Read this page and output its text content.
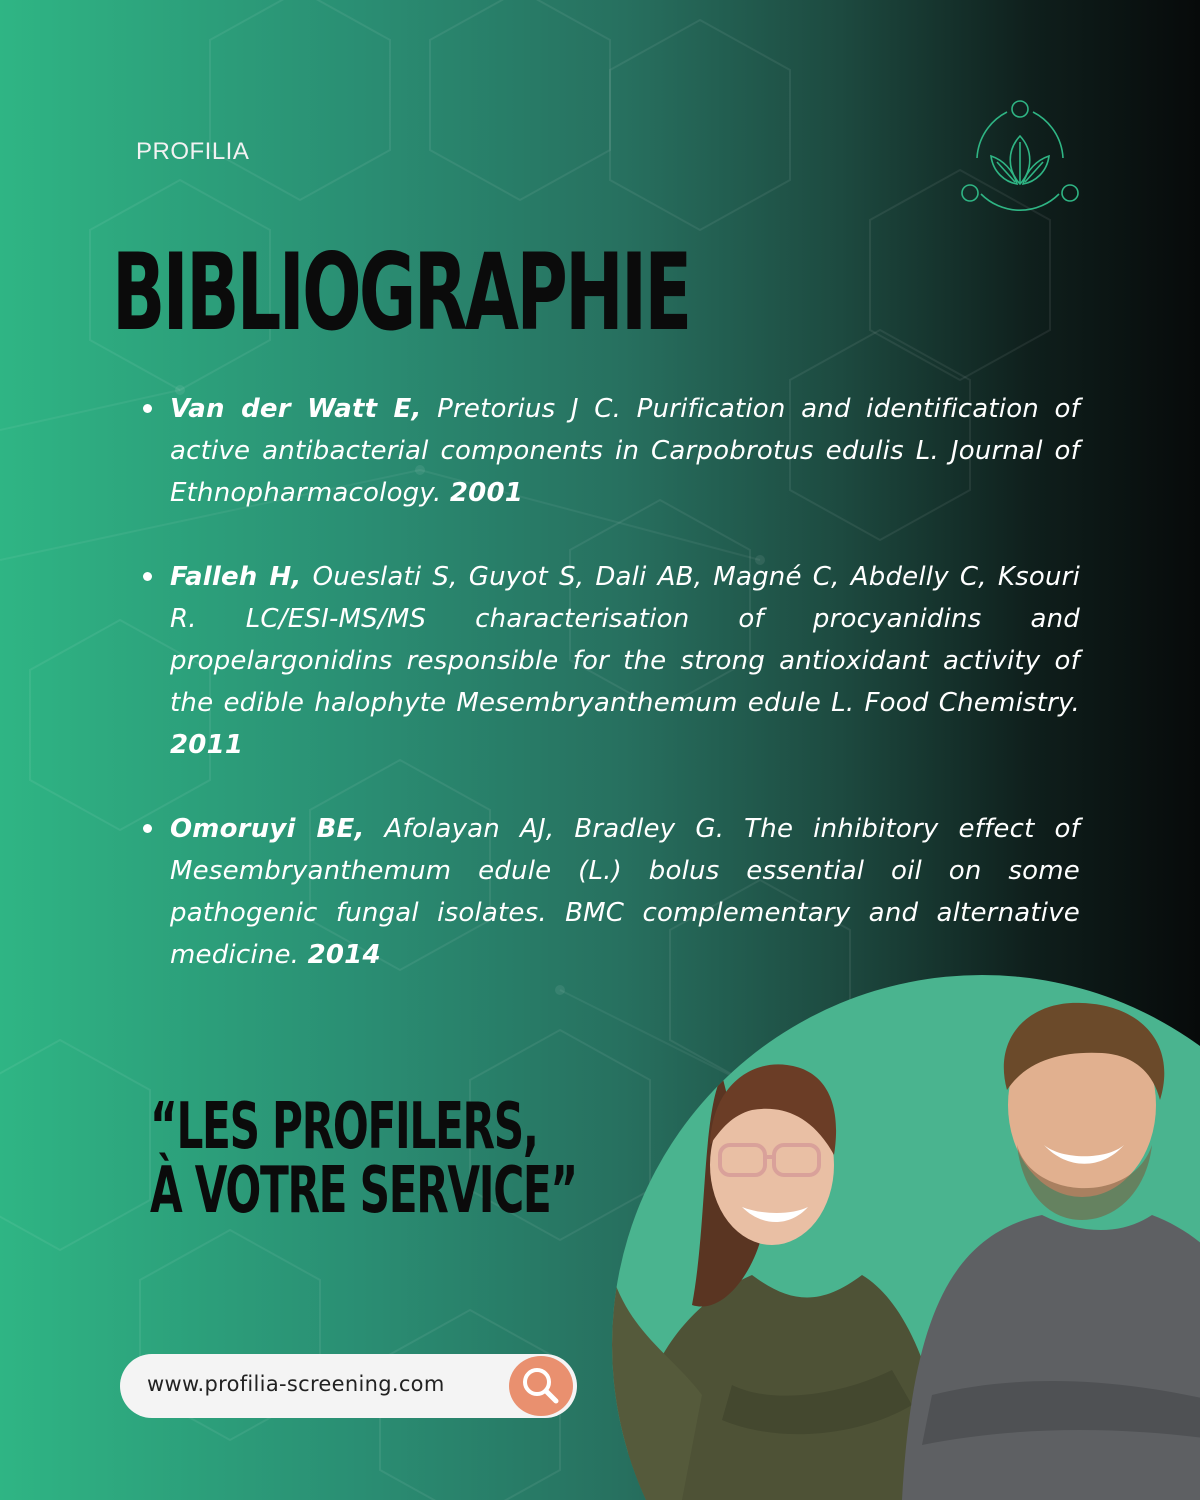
PROFILIA
BIBLIOGRAPHIE
Van der Watt E, Pretorius J C. Purification and identification of active antibacterial components in Carpobrotus edulis L. Journal of Ethnopharmacology. 2001
Falleh H, Oueslati S, Guyot S, Dali AB, Magné C, Abdelly C, Ksouri R. LC/ESI-MS/MS characterisation of procyanidins and propelargonidins responsible for the strong antioxidant activity of the edible halophyte Mesembryanthemum edule L. Food Chemistry. 2011
Omoruyi BE, Afolayan AJ, Bradley G. The inhibitory effect of Mesembryanthemum edule (L.) bolus essential oil on some pathogenic fungal isolates. BMC complementary and alternative medicine. 2014
“LES PROFILERS,
À VOTRE SERVICE”
www.profilia-screening.com
